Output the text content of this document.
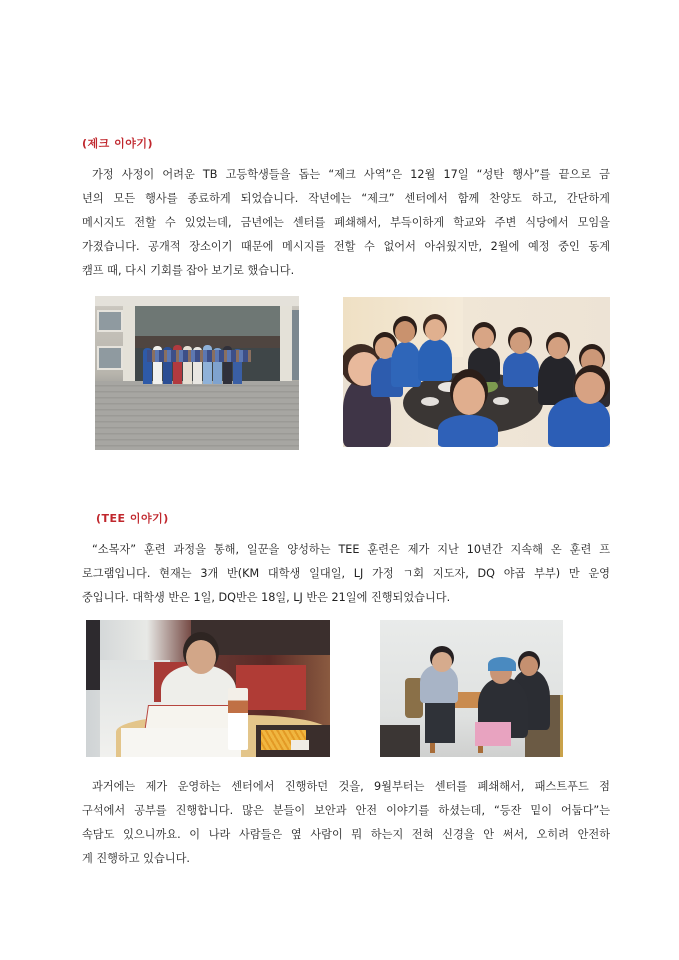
(제크 이야기)
가정 사정이 어려운 TB 고등학생들을 돕는 “제크 사역”은 12월 17일 “성탄 행사”를 끝으로 금
년의 모든 행사를 종료하게 되었습니다. 작년에는 “제크” 센터에서 함께 찬양도 하고, 간단하게
메시지도 전할 수 있었는데, 금년에는 센터를 폐쇄해서, 부득이하게 학교와 주변 식당에서 모임을
가졌습니다. 공개적 장소이기 때문에 메시지를 전할 수 없어서 아쉬웠지만, 2월에 예정 중인 동계
캠프 때, 다시 기회를 잡아 보기로 했습니다.
(TEE 이야기)
“소목자” 훈련 과정을 통해, 일꾼을 양성하는 TEE 훈련은 제가 지난 10년간 지속해 온 훈련 프
로그램입니다. 현재는 3개 반(KM 대학생 일대일, LJ 가정 ㄱ회 지도자, DQ 야곱 부부) 만 운영
중입니다. 대학생 반은 1일, DQ반은 18일, LJ 반은 21일에 진행되었습니다.
과거에는 제가 운영하는 센터에서 진행하던 것을, 9월부터는 센터를 폐쇄해서, 패스트푸드 점
구석에서 공부를 진행합니다. 많은 분들이 보안과 안전 이야기를 하셨는데, “등잔 밑이 어둡다”는
속담도 있으니까요. 이 나라 사람들은 옆 사람이 뭐 하는지 전혀 신경을 안 써서, 오히려 안전하
게 진행하고 있습니다.
